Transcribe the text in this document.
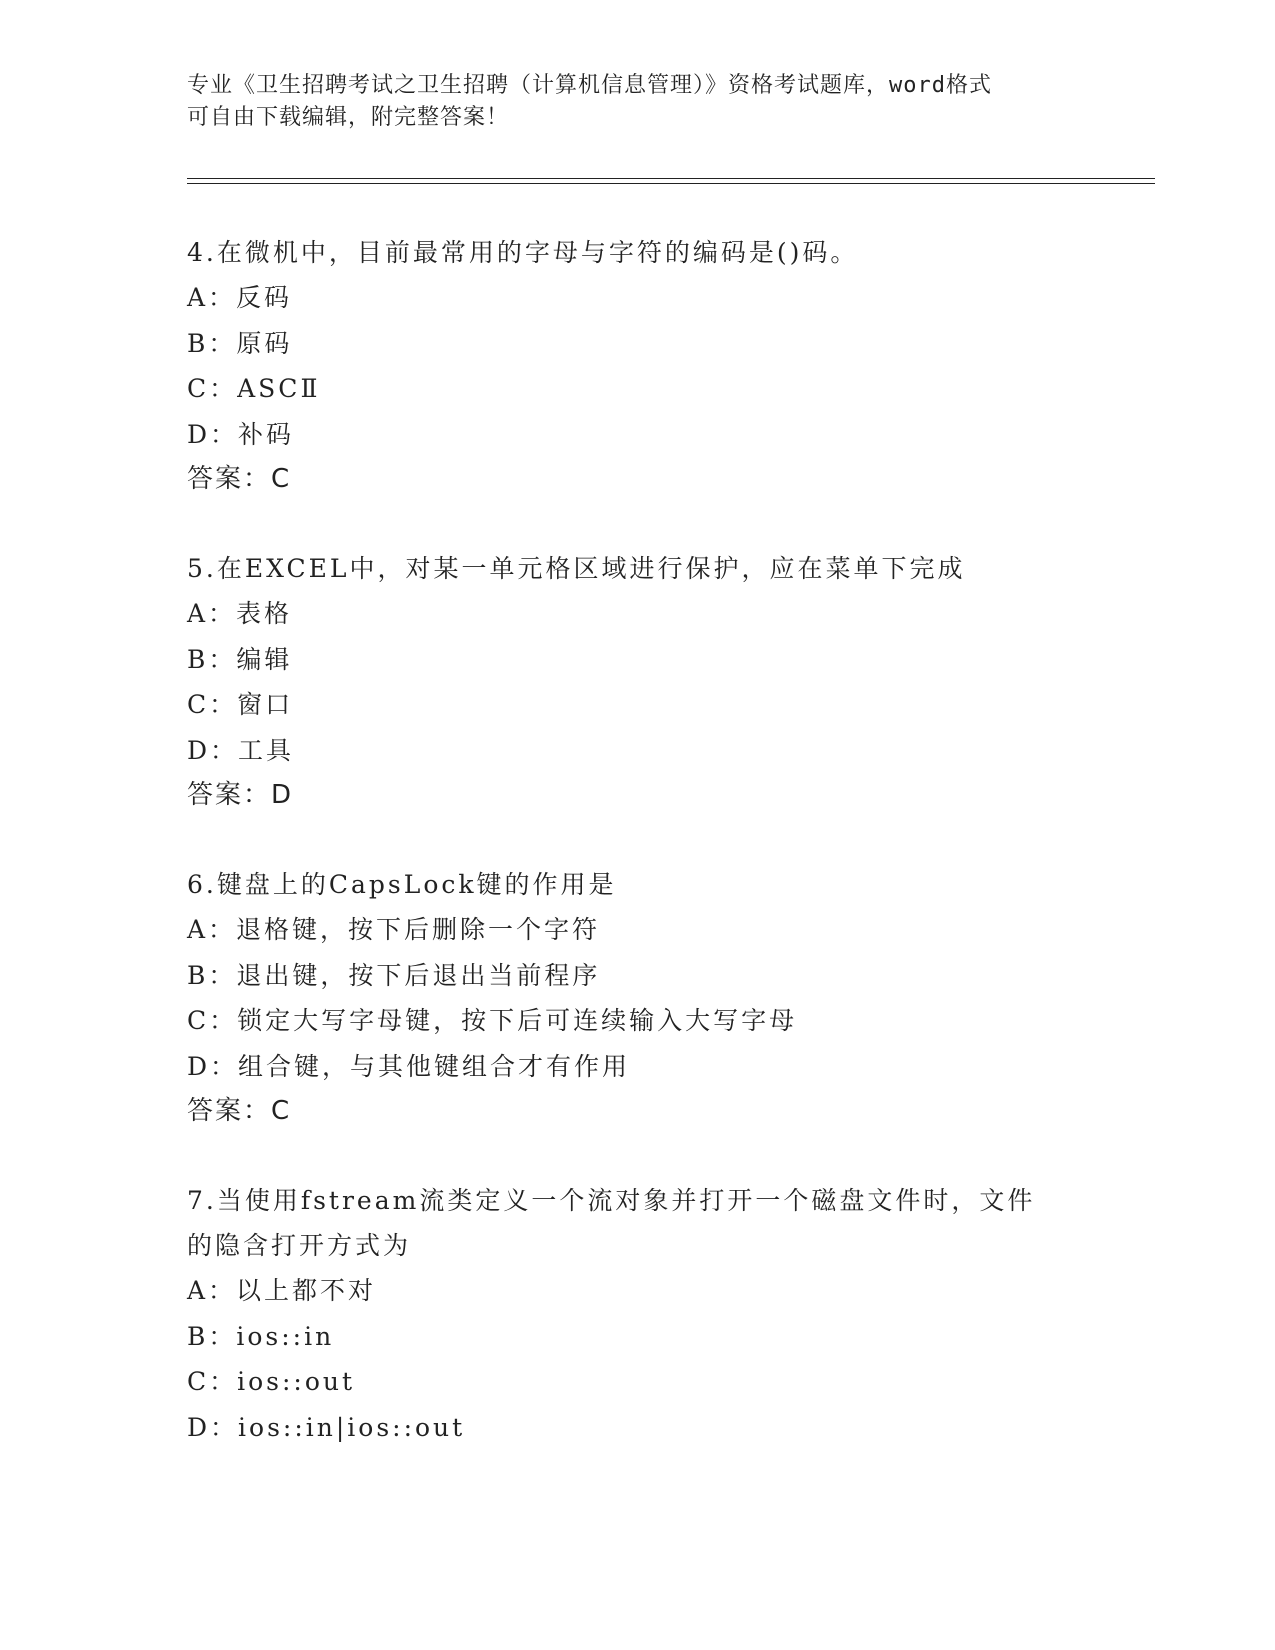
专业《卫生招聘考试之卫生招聘（计算机信息管理）》资格考试题库，word格式
可自由下载编辑，附完整答案！
4.在微机中，目前最常用的字母与字符的编码是()码。
A：反码
B：原码
C：ASCⅡ
D：补码
答案：C
5.在EXCEL中，对某一单元格区域进行保护，应在菜单下完成
A：表格
B：编辑
C：窗口
D：工具
答案：D
6.键盘上的CapsLock键的作用是
A：退格键，按下后删除一个字符
B：退出键，按下后退出当前程序
C：锁定大写字母键，按下后可连续输入大写字母
D：组合键，与其他键组合才有作用
答案：C
7.当使用fstream流类定义一个流对象并打开一个磁盘文件时，文件
的隐含打开方式为
A：以上都不对
B：ios::in
C：ios::out
D：ios::in|ios::out
